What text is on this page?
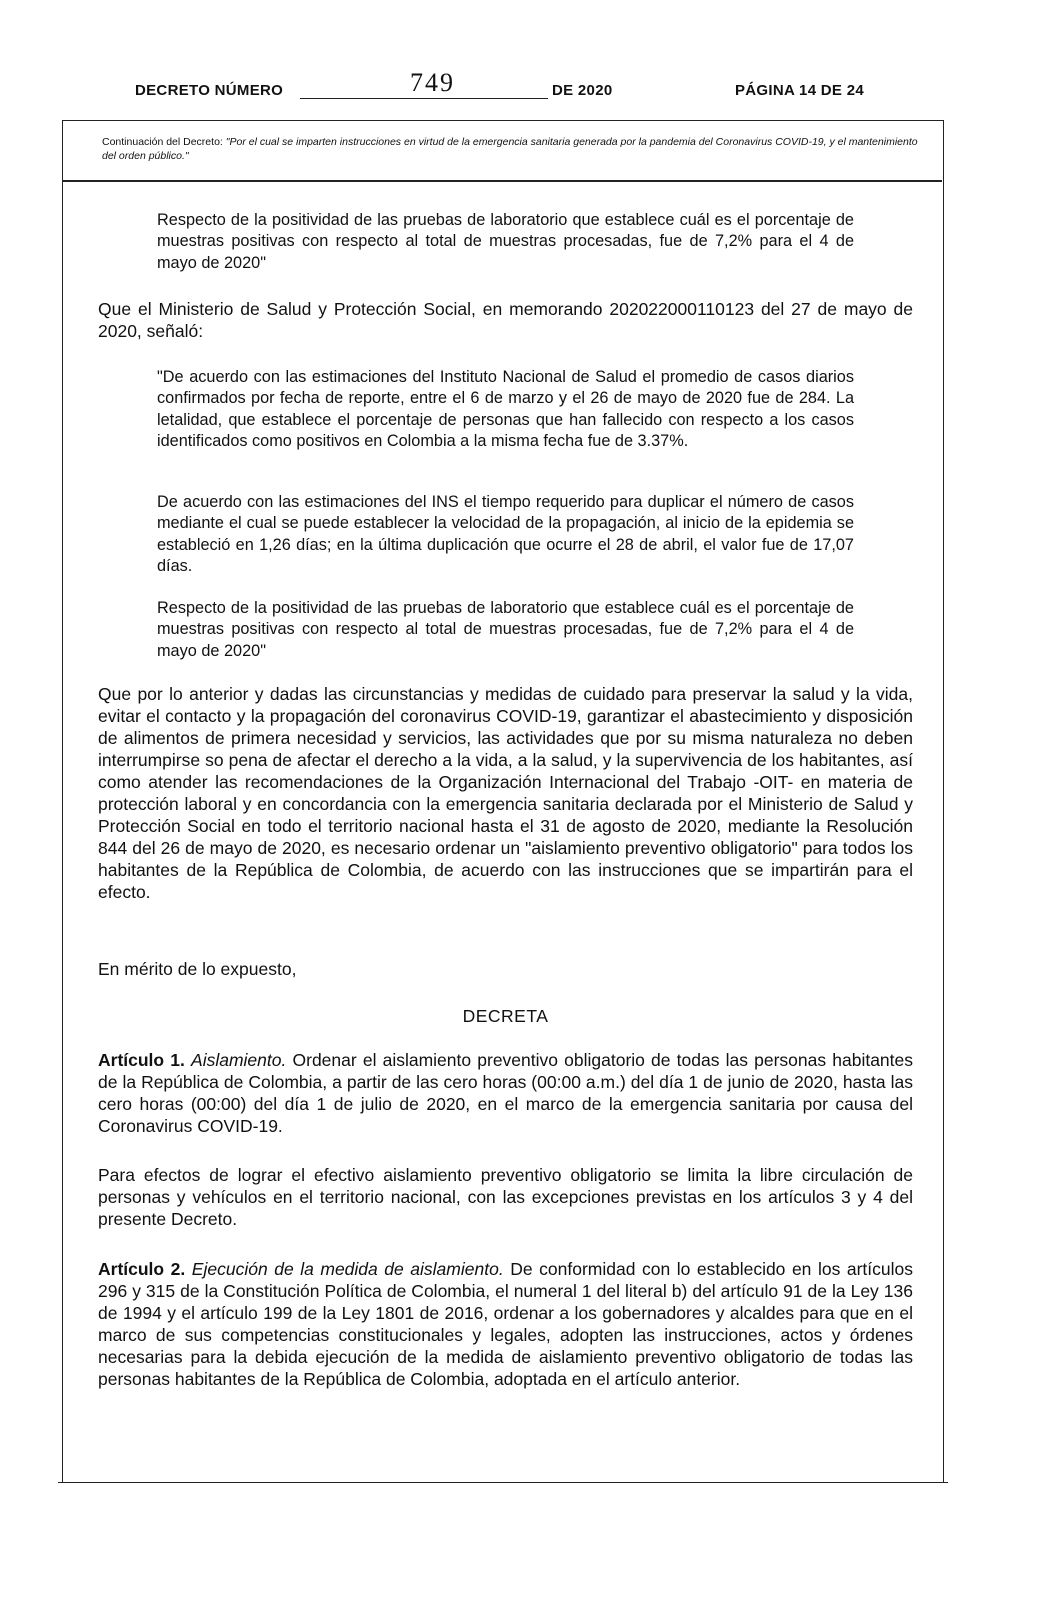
DECRETO NÚMERO	749	DE 2020	PÁGINA 14 DE 24
Continuación del Decreto: "Por el cual se imparten instrucciones en virtud de la emergencia sanitaria generada por la pandemia del Coronavirus COVID-19, y el mantenimiento del orden público."

Respecto de la positividad de las pruebas de laboratorio que establece cuál es el porcentaje de muestras positivas con respecto al total de muestras procesadas, fue de 7,2% para el 4 de mayo de 2020"

Que el Ministerio de Salud y Protección Social, en memorando 202022000110123 del 27 de mayo de 2020, señaló:

"De acuerdo con las estimaciones del Instituto Nacional de Salud el promedio de casos diarios confirmados por fecha de reporte, entre el 6 de marzo y el 26 de mayo de 2020 fue de 284. La letalidad, que establece el porcentaje de personas que han fallecido con respecto a los casos identificados como positivos en Colombia a la misma fecha fue de 3.37%.

De acuerdo con las estimaciones del INS el tiempo requerido para duplicar el número de casos mediante el cual se puede establecer la velocidad de la propagación, al inicio de la epidemia se estableció en 1,26 días; en la última duplicación que ocurre el 28 de abril, el valor fue de 17,07 días.

Respecto de la positividad de las pruebas de laboratorio que establece cuál es el porcentaje de muestras positivas con respecto al total de muestras procesadas, fue de 7,2% para el 4 de mayo de 2020"

Que por lo anterior y dadas las circunstancias y medidas de cuidado para preservar la salud y la vida, evitar el contacto y la propagación del coronavirus COVID-19, garantizar el abastecimiento y disposición de alimentos de primera necesidad y servicios, las actividades que por su misma naturaleza no deben interrumpirse so pena de afectar el derecho a la vida, a la salud, y la supervivencia de los habitantes, así como atender las recomendaciones de la Organización Internacional del Trabajo -OIT- en materia de protección laboral y en concordancia con la emergencia sanitaria declarada por el Ministerio de Salud y Protección Social en todo el territorio nacional hasta el 31 de agosto de 2020, mediante la Resolución 844 del 26 de mayo de 2020, es necesario ordenar un "aislamiento preventivo obligatorio" para todos los habitantes de la República de Colombia, de acuerdo con las instrucciones que se impartirán para el efecto.

En mérito de lo expuesto,

DECRETA

Artículo 1. Aislamiento. Ordenar el aislamiento preventivo obligatorio de todas las personas habitantes de la República de Colombia, a partir de las cero horas (00:00 a.m.) del día 1 de junio de 2020, hasta las cero horas (00:00) del día 1 de julio de 2020, en el marco de la emergencia sanitaria por causa del Coronavirus COVID-19.

Para efectos de lograr el efectivo aislamiento preventivo obligatorio se limita la libre circulación de personas y vehículos en el territorio nacional, con las excepciones previstas en los artículos 3 y 4 del presente Decreto.

Artículo 2. Ejecución de la medida de aislamiento. De conformidad con lo establecido en los artículos 296 y 315 de la Constitución Política de Colombia, el numeral 1 del literal b) del artículo 91 de la Ley 136 de 1994 y el artículo 199 de la Ley 1801 de 2016, ordenar a los gobernadores y alcaldes para que en el marco de sus competencias constitucionales y legales, adopten las instrucciones, actos y órdenes necesarias para la debida ejecución de la medida de aislamiento preventivo obligatorio de todas las personas habitantes de la República de Colombia, adoptada en el artículo anterior.
